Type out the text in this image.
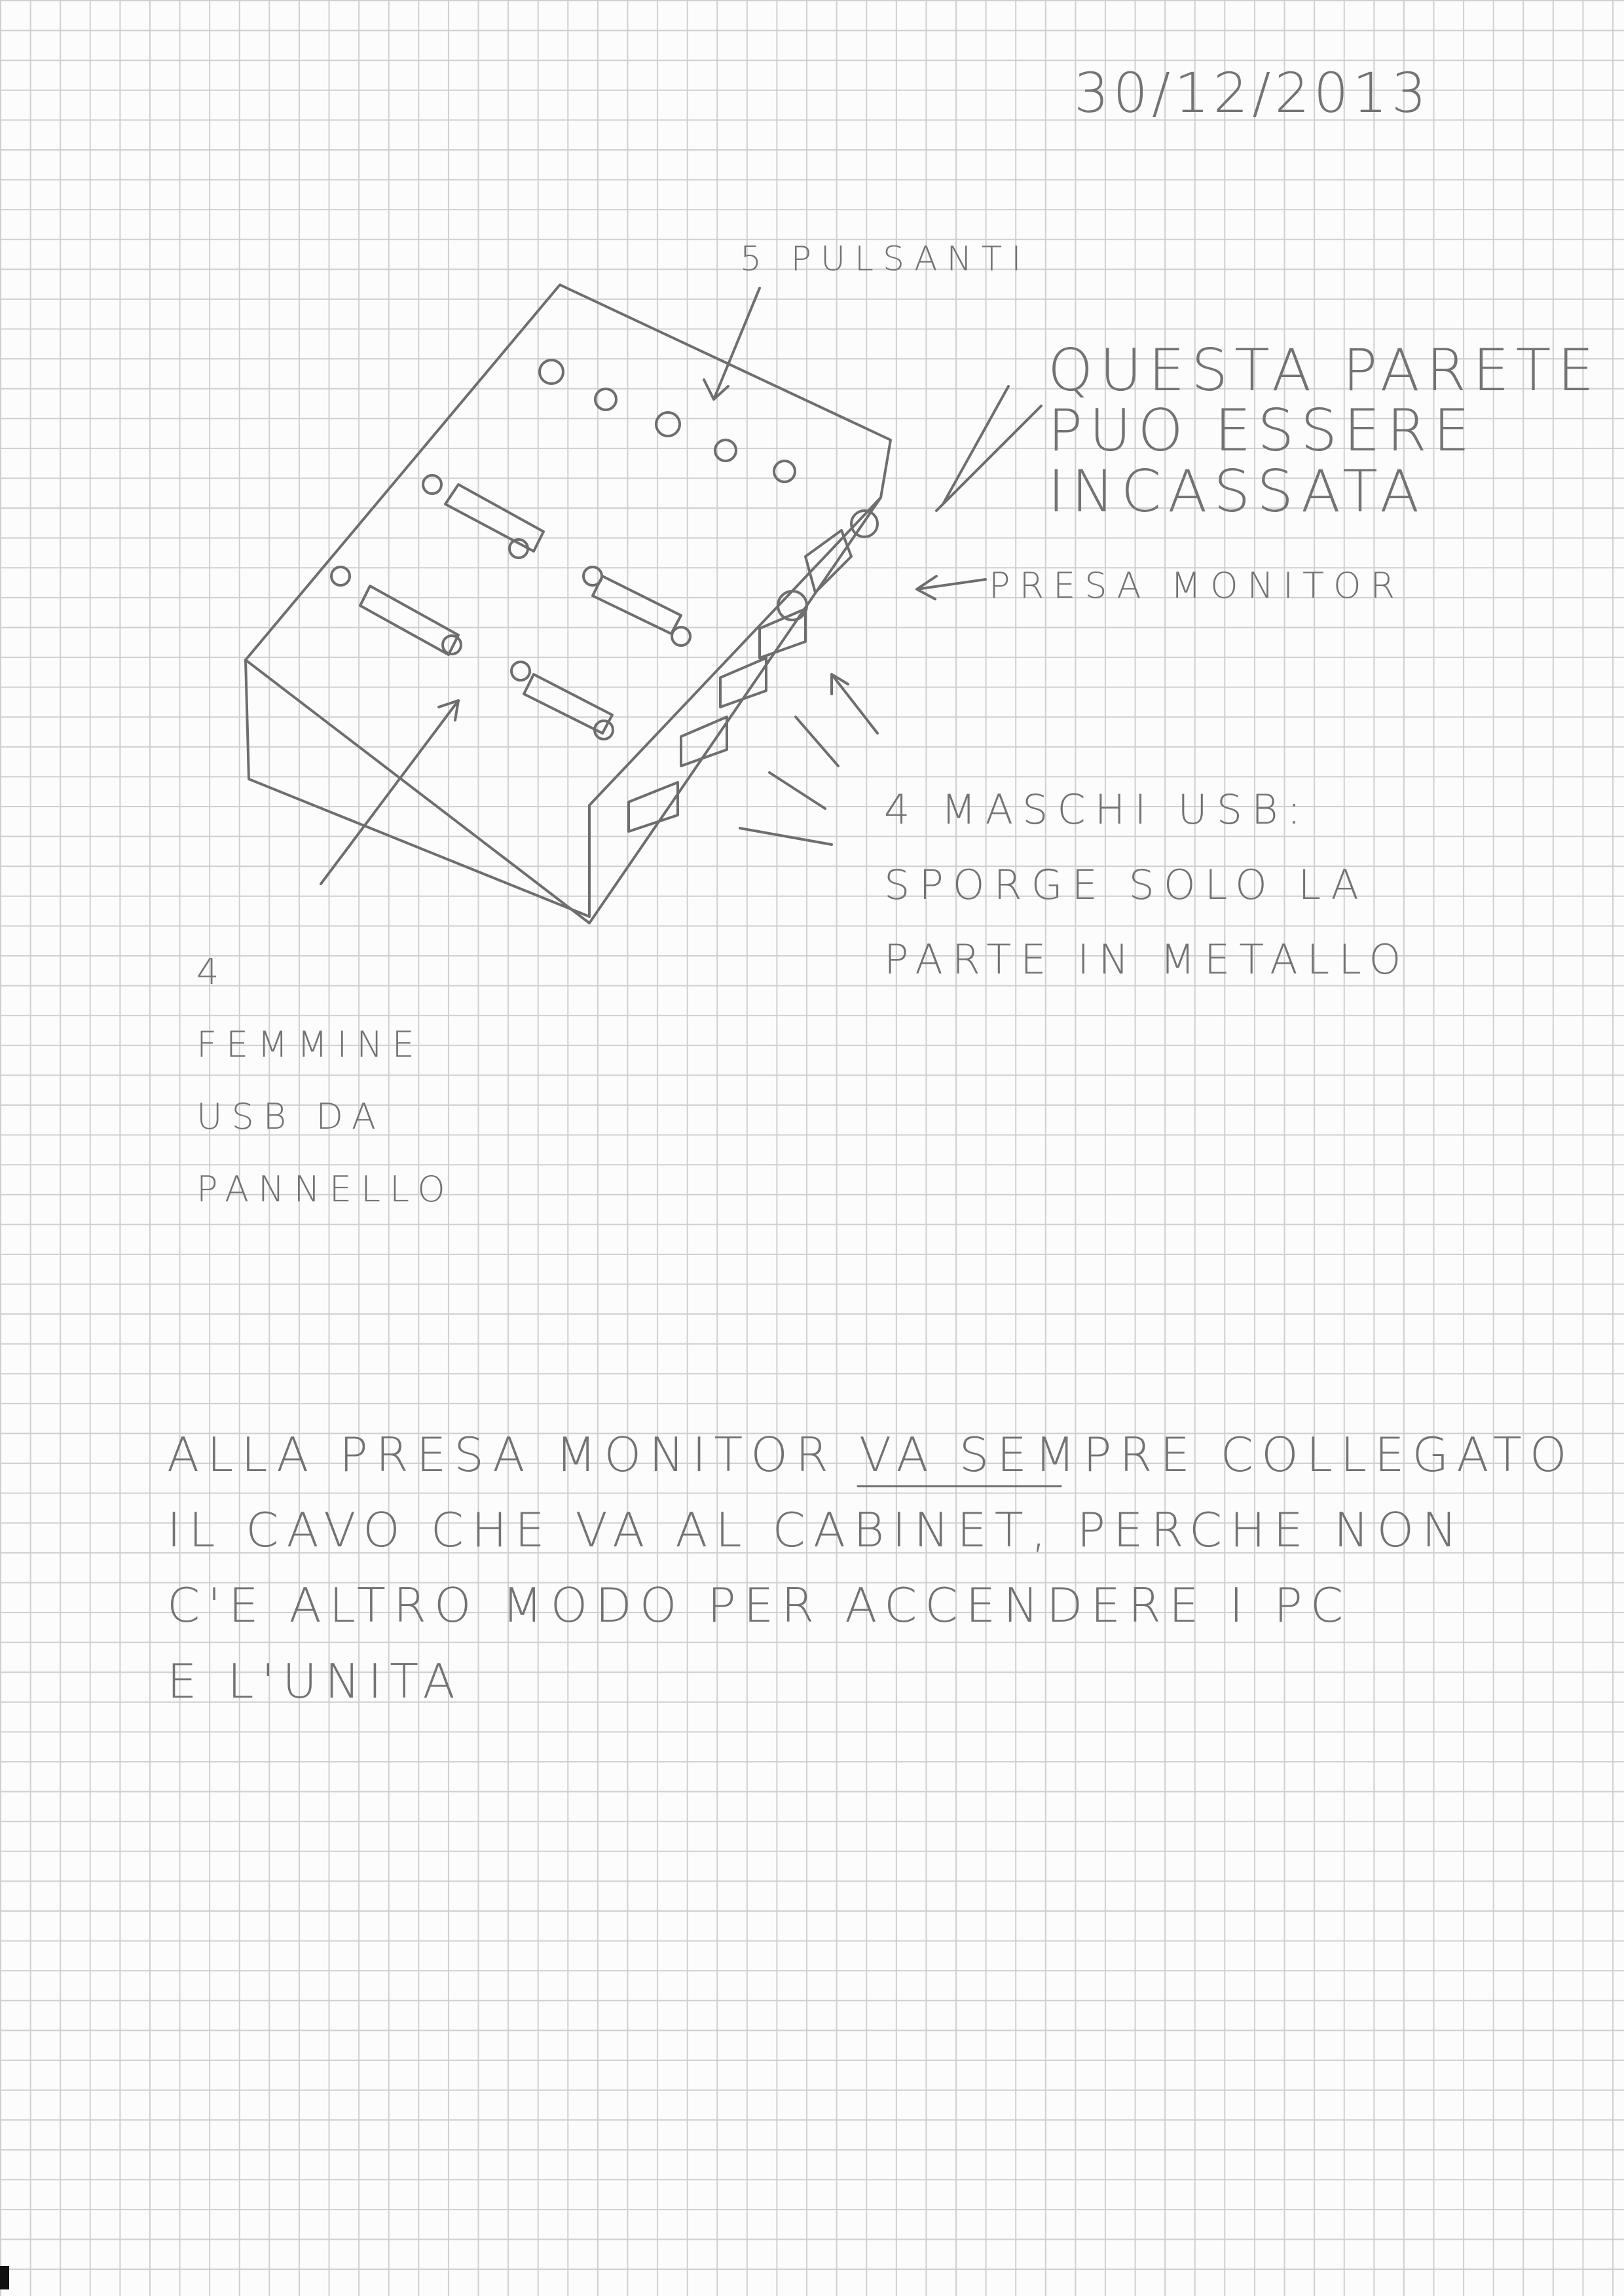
30/12/2013
5 PULSANTI
QUESTA PARETE
PUO ESSERE
INCASSATA
PRESA MONITOR
4 MASCHI USB:
SPORGE SOLO LA
PARTE IN METALLO
4
FEMMINE
USB DA
PANNELLO
ALLA PRESA MONITOR VA SEMPRE COLLEGATO
IL CAVO CHE VA AL CABINET, PERCHE NON
C'E ALTRO MODO PER ACCENDERE I PC
E L'UNITA
